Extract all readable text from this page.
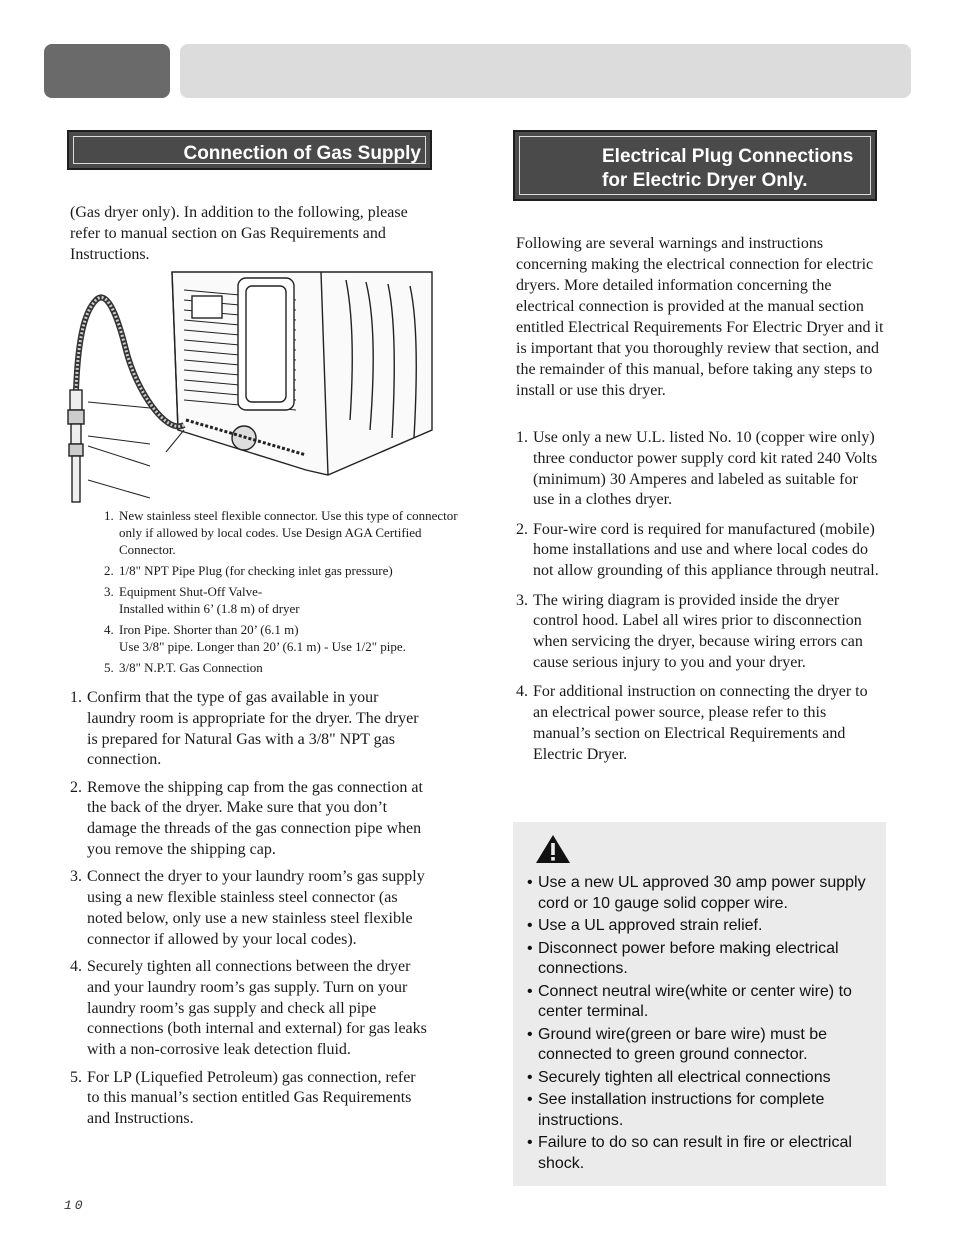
Connection of Gas Supply

(Gas dryer only). In addition to the following, please refer to manual section on Gas Requirements and Instructions.

1. New stainless steel flexible connector. Use this type of connector only if allowed by local codes. Use Design AGA Certified Connector.
2. 1/8" NPT Pipe Plug (for checking inlet gas pressure)
3. Equipment Shut-Off Valve-
Installed within 6’ (1.8 m) of dryer
4. Iron Pipe. Shorter than 20’ (6.1 m)
Use 3/8" pipe. Longer than 20’ (6.1 m) - Use 1/2" pipe.
5. 3/8" N.P.T. Gas Connection
1. Confirm that the type of gas available in your laundry room is appropriate for the dryer. The dryer is prepared for Natural Gas with a 3/8" NPT gas connection.
2. Remove the shipping cap from the gas connection at the back of the dryer. Make sure that you don’t damage the threads of the gas connection pipe when you remove the shipping cap.
3. Connect the dryer to your laundry room’s gas supply using a new flexible stainless steel connector (as noted below, only use a new stainless steel flexible connector if allowed by your local codes).
4. Securely tighten all connections between the dryer and your laundry room’s gas supply. Turn on your laundry room’s gas supply and check all pipe connections (both internal and external) for gas leaks with a non-corrosive leak detection fluid.
5. For LP (Liquefied Petroleum) gas connection, refer to this manual’s section entitled Gas Requirements and Instructions.
Electrical Plug Connections for Electric Dryer Only.

Following are several warnings and instructions concerning making the electrical connection for electric dryers. More detailed information concerning the electrical connection is provided at the manual section entitled Electrical Requirements For Electric Dryer and it is important that you thoroughly review that section, and the remainder of this manual, before taking any steps to install or use this dryer.

1. Use only a new U.L. listed No. 10 (copper wire only) three conductor power supply cord kit rated 240 Volts (minimum) 30 Amperes and labeled as suitable for use in a clothes dryer.
2. Four-wire cord is required for manufactured (mobile) home installations and use and where local codes do not allow grounding of this appliance through neutral.
3. The wiring diagram is provided inside the dryer control hood. Label all wires prior to disconnection when servicing the dryer, because wiring errors can cause serious injury to you and your dryer.
4. For additional instruction on connecting the dryer to an electrical power source, please refer to this manual’s section on Electrical Requirements and Electric Dryer.
• Use a new UL approved 30 amp power supply cord or 10 gauge solid copper wire.
• Use a UL approved strain relief.
• Disconnect power before making electrical connections.
• Connect neutral wire(white or center wire) to center terminal.
• Ground wire(green or bare wire) must be connected to green ground connector.
• Securely tighten all electrical connections
• See installation instructions for complete instructions.
• Failure to do so can result in fire or electrical shock.
10
